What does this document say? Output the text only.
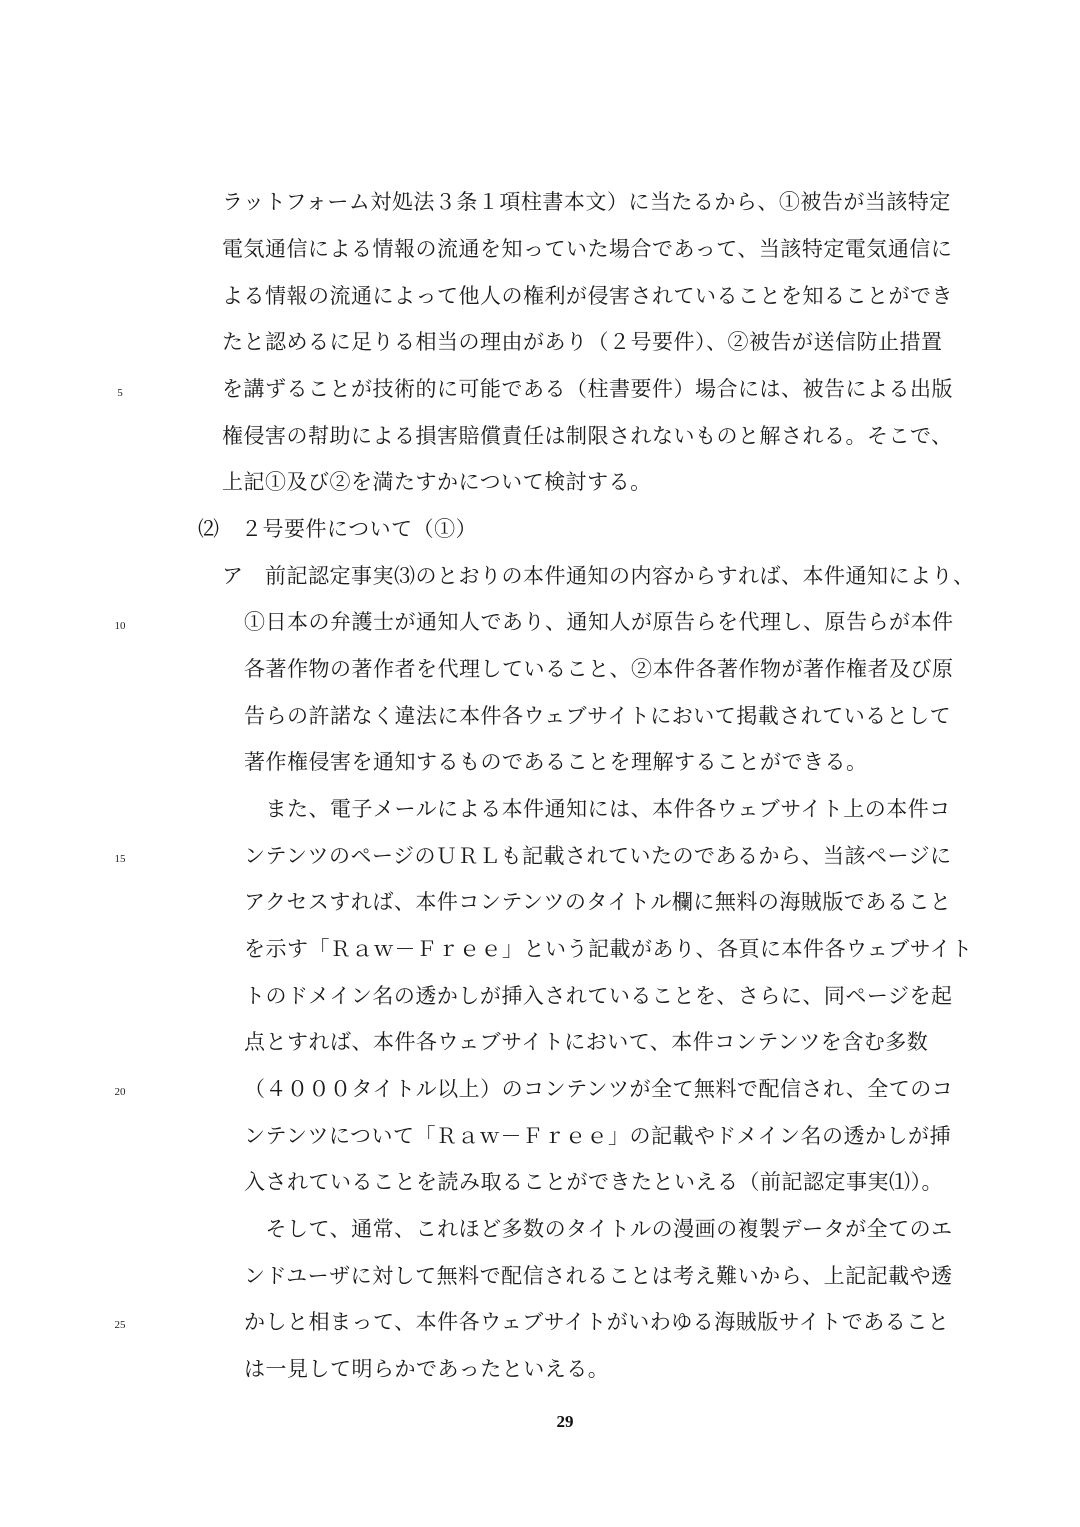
ラットフォーム対処法３条１項柱書本文）に当たるから、①被告が当該特定
電気通信による情報の流通を知っていた場合であって、当該特定電気通信に
よる情報の流通によって他人の権利が侵害されていることを知ることができ
たと認めるに足りる相当の理由があり（２号要件）、②被告が送信防止措置
を講ずることが技術的に可能である（柱書要件）場合には、被告による出版
権侵害の幇助による損害賠償責任は制限されないものと解される。そこで、
上記①及び②を満たすかについて検討する。
⑵　２号要件について（①）
ア　前記認定事実⑶のとおりの本件通知の内容からすれば、本件通知により、
①日本の弁護士が通知人であり、通知人が原告らを代理し、原告らが本件
各著作物の著作者を代理していること、②本件各著作物が著作権者及び原
告らの許諾なく違法に本件各ウェブサイトにおいて掲載されているとして
著作権侵害を通知するものであることを理解することができる。
　また、電子メールによる本件通知には、本件各ウェブサイト上の本件コ
ンテンツのページのＵＲＬも記載されていたのであるから、当該ページに
アクセスすれば、本件コンテンツのタイトル欄に無料の海賊版であること
を示す「Ｒａｗ－Ｆｒｅｅ」という記載があり、各頁に本件各ウェブサイト
トのドメイン名の透かしが挿入されていることを、さらに、同ページを起
点とすれば、本件各ウェブサイトにおいて、本件コンテンツを含む多数
（４０００タイトル以上）のコンテンツが全て無料で配信され、全てのコ
ンテンツについて「Ｒａｗ－Ｆｒｅｅ」の記載やドメイン名の透かしが挿
入されていることを読み取ることができたといえる（前記認定事実⑴）。
　そして、通常、これほど多数のタイトルの漫画の複製データが全てのエ
ンドユーザに対して無料で配信されることは考え難いから、上記記載や透
かしと相まって、本件各ウェブサイトがいわゆる海賊版サイトであること
は一見して明らかであったといえる。
5
10
15
20
25
29
